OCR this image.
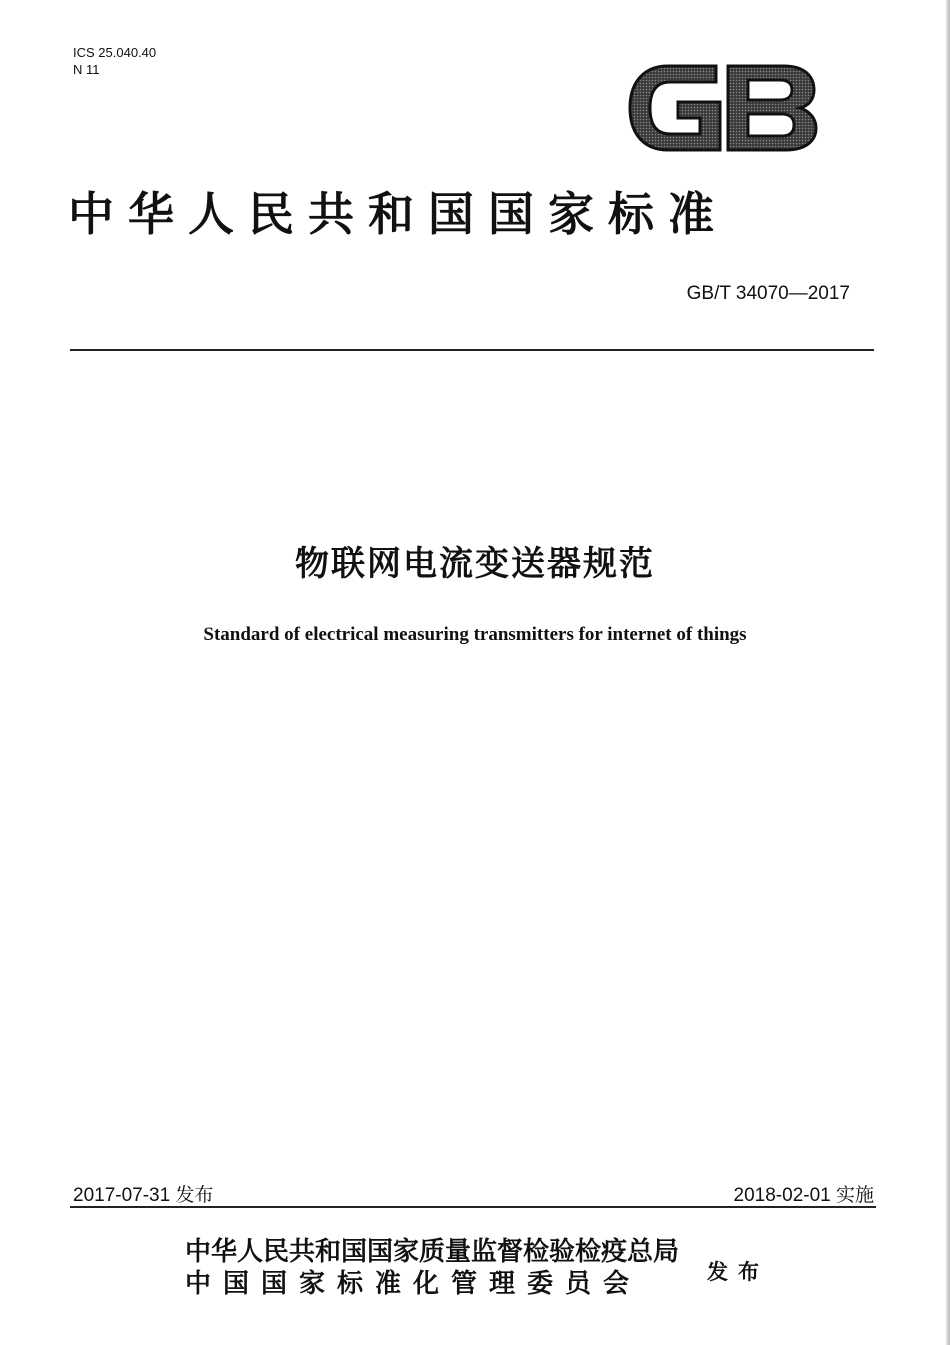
ICS 25.040.40
N 11
中华人民共和国国家标准
GB/T 34070—2017
物联网电流变送器规范
Standard of electrical measuring transmitters for internet of things
2017-07-31 发布	2018-02-01 实施
中华人民共和国国家质量监督检验检疫总局
中国国家标准化管理委员会	发布
